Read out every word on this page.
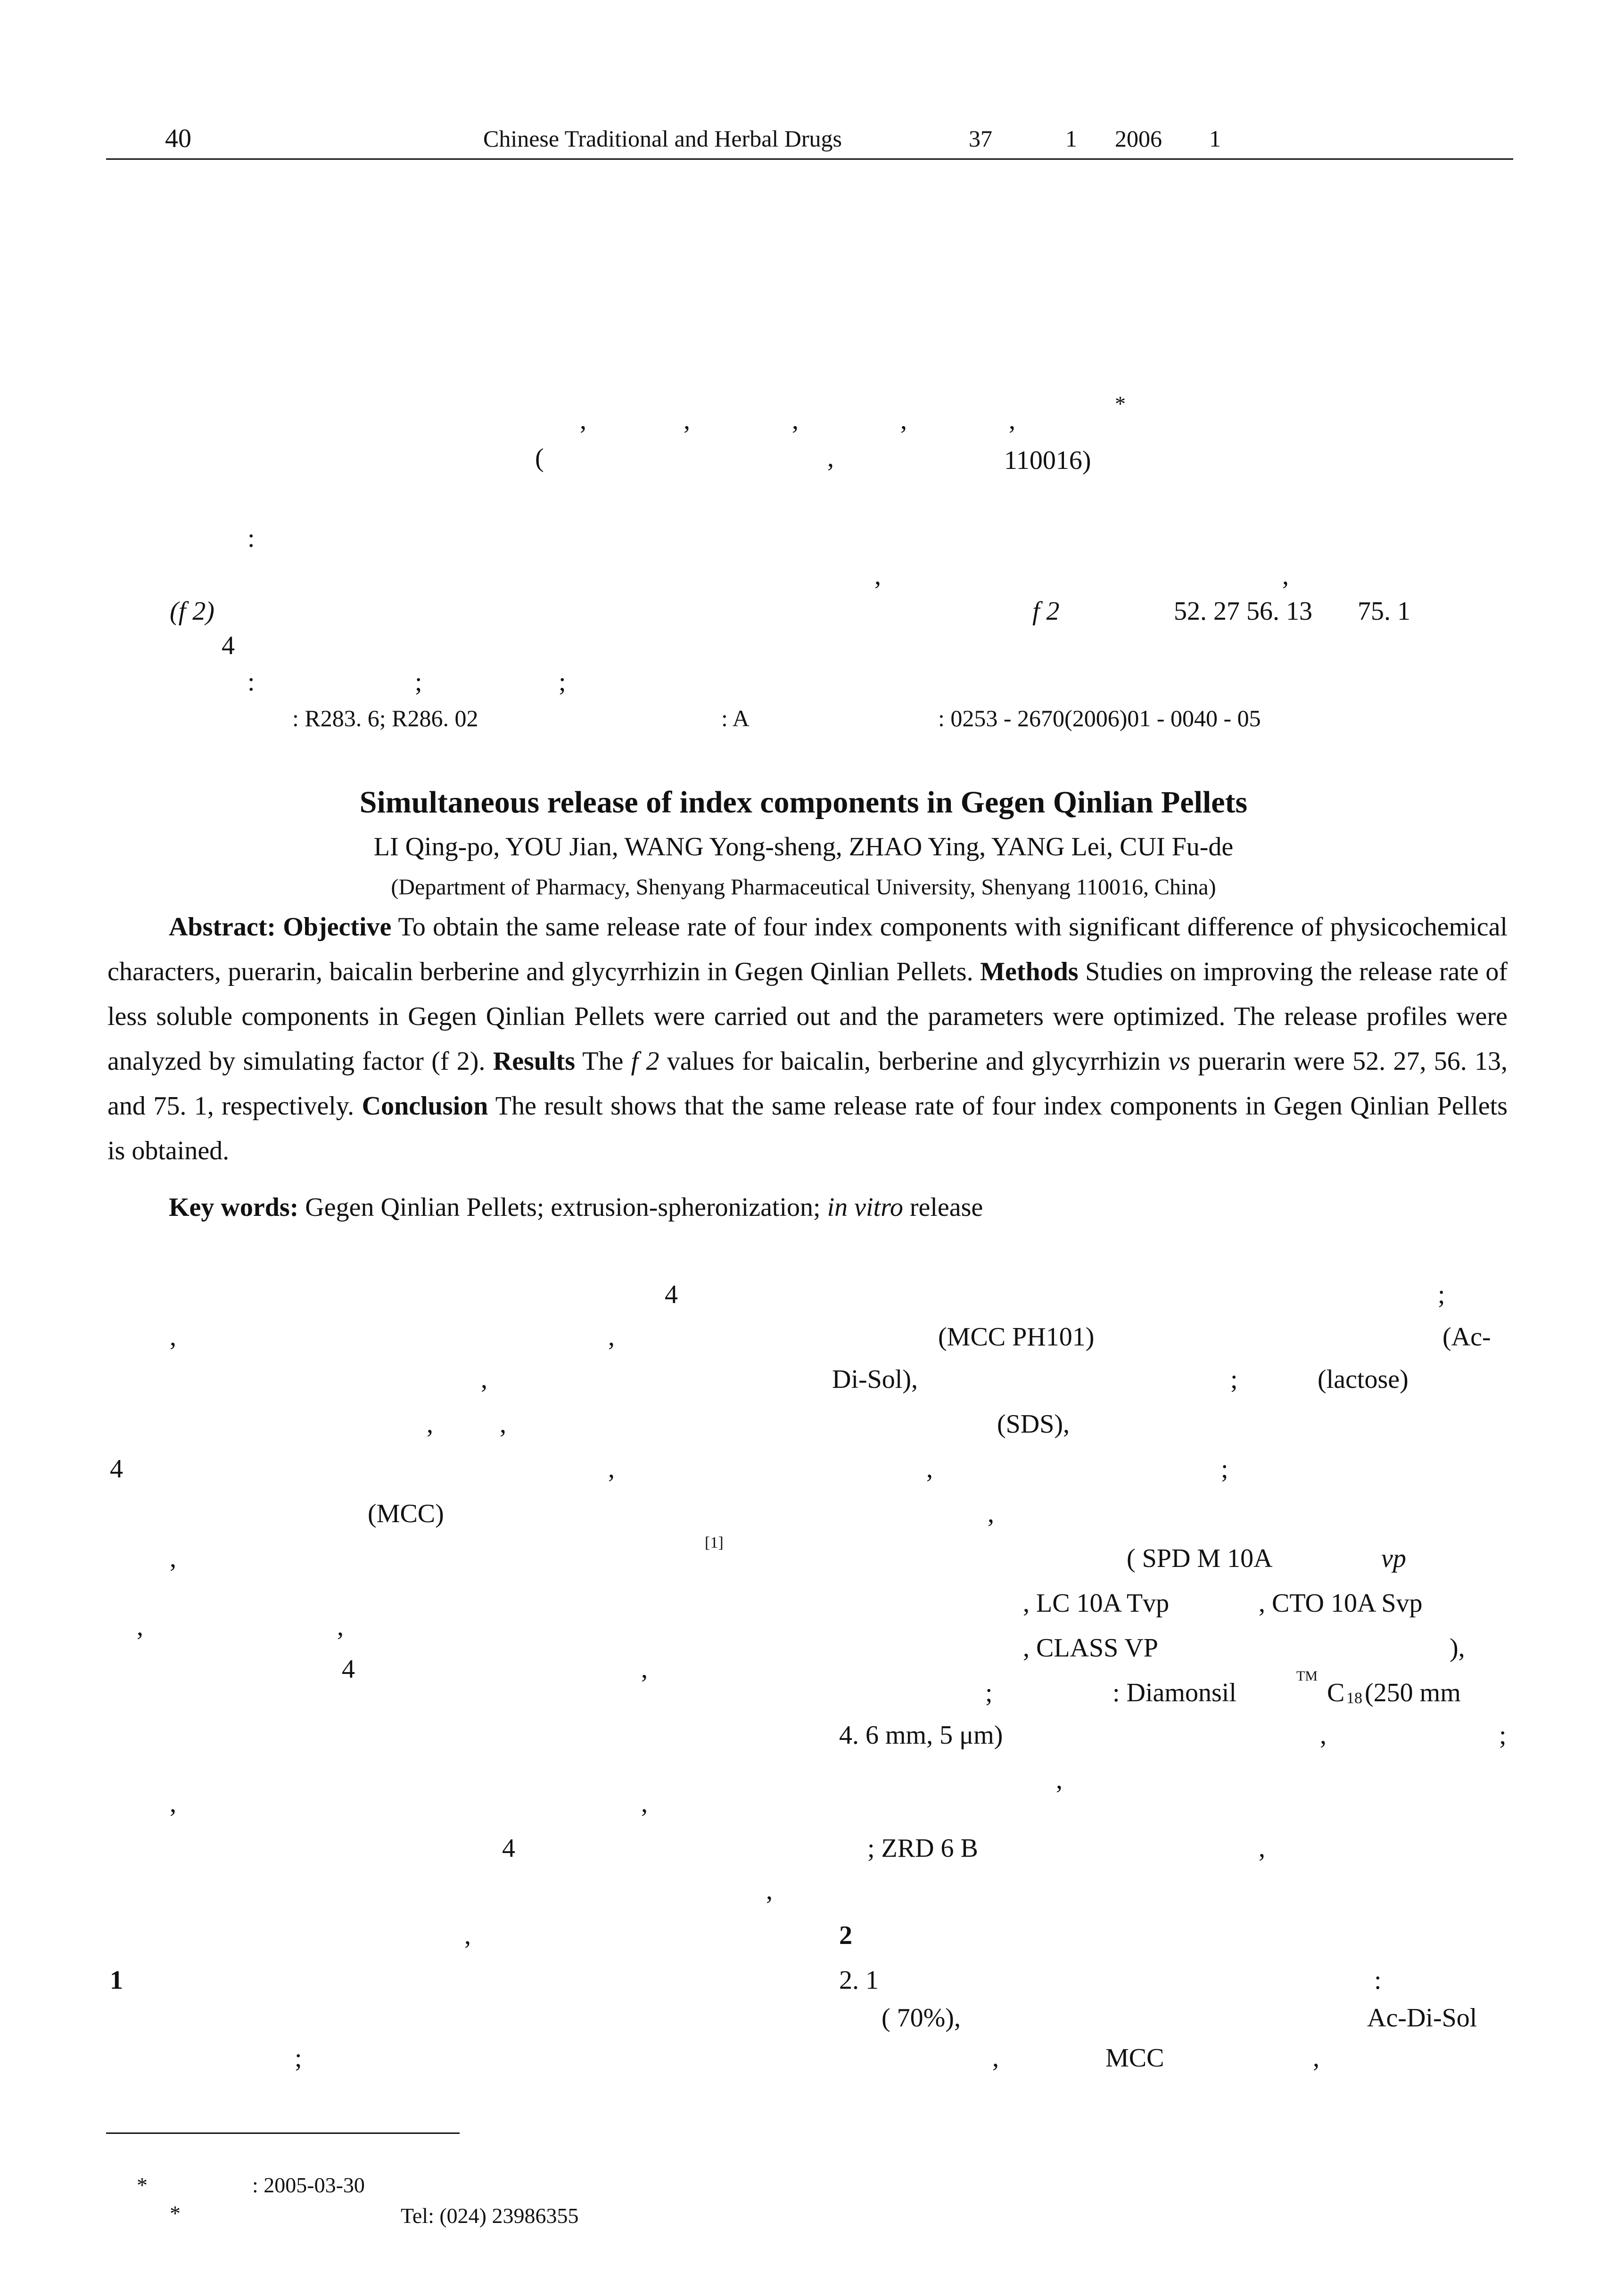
40	Chinese Traditional and Herbal Drugs	37	1 2006 1
,	,	,	,	,
*
(	,	110016)
:
,	,
(f 2)	f 2	52. 27 56. 13 75. 1
4
:	;	;
: R283. 6; R286. 02	: A	: 0253 - 2670(2006)01 - 0040 - 05
Simultaneous release of index components in Gegen Qinlian Pellets
LI Qing-po, YOU Jian, WANG Yong-sheng, ZHAO Ying, YANG Lei, CUI Fu-de
(Department of Pharmacy, Shenyang Pharmaceutical University, Shenyang 110016, China)
Abstract: Objective To obtain the same release rate of four index components with significant difference of physicochemical characters, puerarin, baicalin berberine and glycyrrhizin in Gegen Qinlian Pellets. Methods Studies on improving the release rate of less soluble components in Gegen Qinlian Pellets were carried out and the parameters were optimized. The release profiles were analyzed by simulating factor (f 2). Results The f 2 values for baicalin, berberine and glycyrrhizin vs puerarin were 52. 27, 56. 13, and 75. 1, respectively. Conclusion The result shows that the same release rate of four index components in Gegen Qinlian Pellets is obtained.
Key words: Gegen Qinlian Pellets; extrusion-spheronization; in vitro release
4
,	,
,
,	,
4	,
(MCC)
,
[1]
,	,
4	,
,	,
4
,
,
1
;
;
(MCC PH101)	(Ac-
Di-Sol),	;	(lactose)
(SDS),
,	;
,
( SPD M 10A	vp
, LC 10A Tvp	, CTO 10A Svp
, CLASS VP	),
;	: Diamonsil
TM
C 18 (250 mm
4. 6 mm, 5 μm)	,	;
,
; ZRD 6 B	,
2
2. 1	:
( 70%),	Ac-Di-Sol
,	MCC	,
*	: 2005-03-30
*	Tel: (024) 23986355
